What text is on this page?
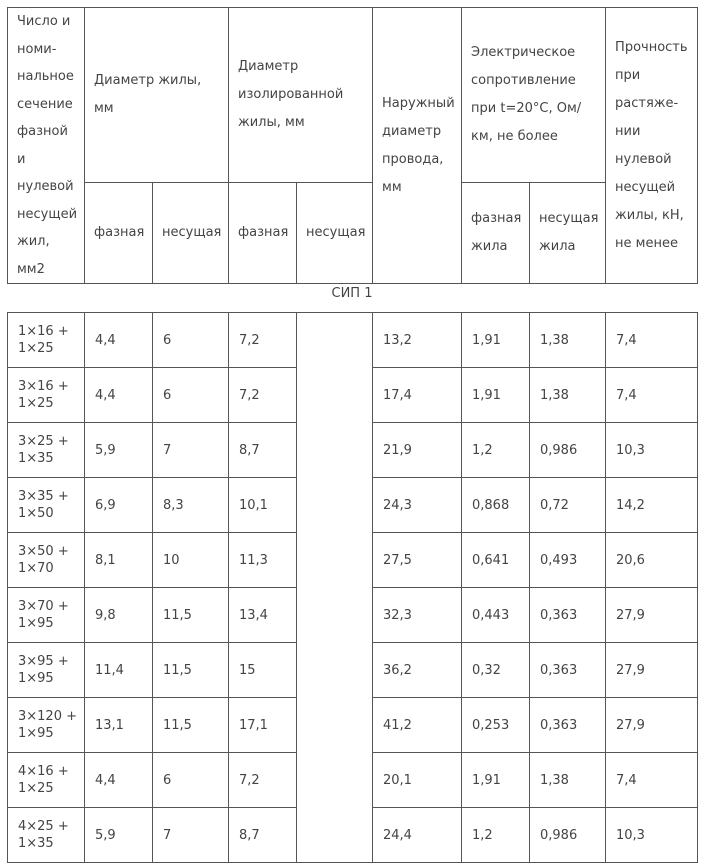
Число и номи-нальное сечение фазной и нулевой несущей жил, мм2	Диаметр жилы, мм		Диаметр изолированной жилы, мм		Наружный диаметр провода, мм	Электрическое сопротивление при t=20°C, Ом/км, не более		Прочность при растяже-нии нулевой несущей жилы, кН, не менее
	фазная	несущая	фазная	несущая		фазная жила	несущая жила	
СИП 1
1×16 + 1×25	4,4	6	7,2		13,2	1,91	1,38	7,4
3×16 + 1×25	4,4	6	7,2		17,4	1,91	1,38	7,4
3×25 + 1×35	5,9	7	8,7		21,9	1,2	0,986	10,3
3×35 + 1×50	6,9	8,3	10,1		24,3	0,868	0,72	14,2
3×50 + 1×70	8,1	10	11,3		27,5	0,641	0,493	20,6
3×70 + 1×95	9,8	11,5	13,4		32,3	0,443	0,363	27,9
3×95 + 1×95	11,4	11,5	15		36,2	0,32	0,363	27,9
3×120 + 1×95	13,1	11,5	17,1		41,2	0,253	0,363	27,9
4×16 + 1×25	4,4	6	7,2		20,1	1,91	1,38	7,4
4×25 + 1×35	5,9	7	8,7		24,4	1,2	0,986	10,3
